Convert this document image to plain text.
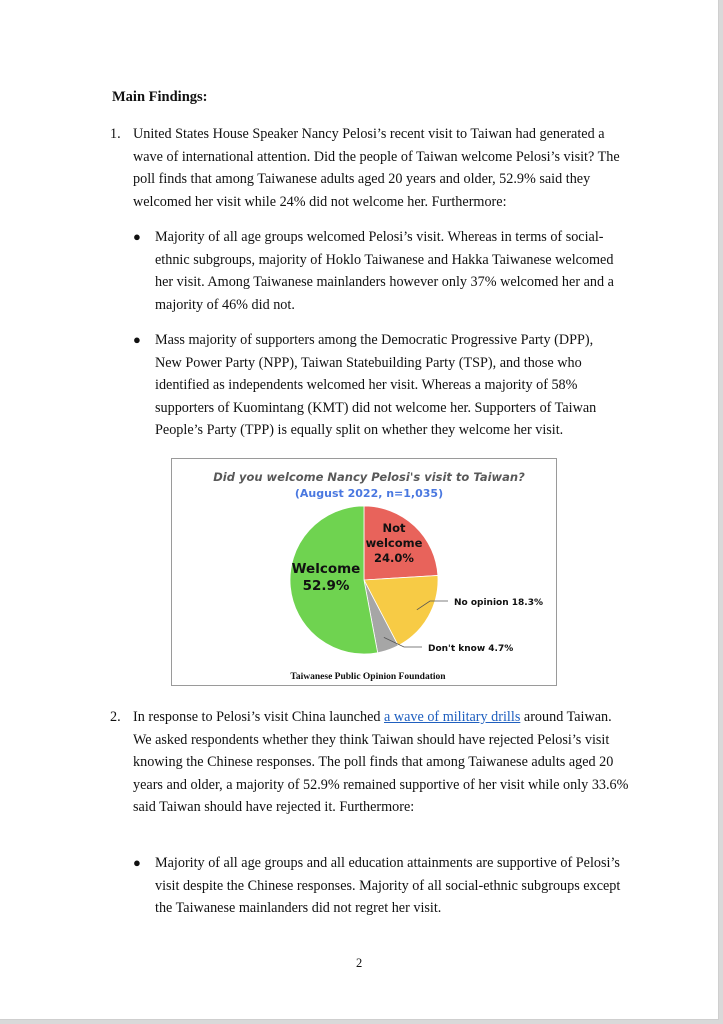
Main Findings:
1. United States House Speaker Nancy Pelosi’s recent visit to Taiwan had generated a wave of international attention. Did the people of Taiwan welcome Pelosi’s visit? The poll finds that among Taiwanese adults aged 20 years and older, 52.9% said they welcomed her visit while 24% did not welcome her. Furthermore:
● Majority of all age groups welcomed Pelosi’s visit. Whereas in terms of social-ethnic subgroups, majority of Hoklo Taiwanese and Hakka Taiwanese welcomed her visit. Among Taiwanese mainlanders however only 37% welcomed her and a majority of 46% did not.
● Mass majority of supporters among the Democratic Progressive Party (DPP), New Power Party (NPP), Taiwan Statebuilding Party (TSP), and those who identified as independents welcomed her visit. Whereas a majority of 58% supporters of Kuomintang (KMT) did not welcome her. Supporters of Taiwan People’s Party (TPP) is equally split on whether they welcome her visit.
Did you welcome Nancy Pelosi's visit to Taiwan?
(August 2022, n=1,035)
Not welcome 24.0%
Welcome 52.9%
No opinion 18.3%
Don't know 4.7%
Taiwanese Public Opinion Foundation
2. In response to Pelosi’s visit China launched a wave of military drills around Taiwan. We asked respondents whether they think Taiwan should have rejected Pelosi’s visit knowing the Chinese responses. The poll finds that among Taiwanese adults aged 20 years and older, a majority of 52.9% remained supportive of her visit while only 33.6% said Taiwan should have rejected it. Furthermore:
● Majority of all age groups and all education attainments are supportive of Pelosi’s visit despite the Chinese responses. Majority of all social-ethnic subgroups except the Taiwanese mainlanders did not regret her visit.
2
